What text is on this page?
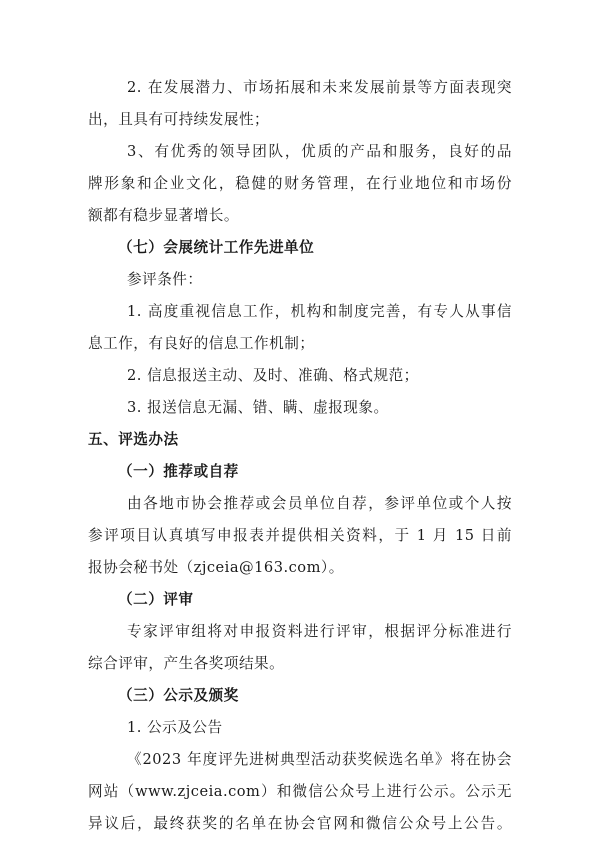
2. 在发展潜力、市场拓展和未来发展前景等方面表现突
出，且具有可持续发展性；
3、有优秀的领导团队，优质的产品和服务，良好的品
牌形象和企业文化，稳健的财务管理，在行业地位和市场份
额都有稳步显著增长。
（七）会展统计工作先进单位
参评条件：
1. 高度重视信息工作，机构和制度完善，有专人从事信
息工作，有良好的信息工作机制；
2. 信息报送主动、及时、准确、格式规范；
3. 报送信息无漏、错、瞒、虚报现象。
五、评选办法
（一）推荐或自荐
由各地市协会推荐或会员单位自荐，参评单位或个人按
参评项目认真填写申报表并提供相关资料，于 1 月 15 日前
报协会秘书处（zjceia@163.com）。
（二）评审
专家评审组将对申报资料进行评审，根据评分标准进行
综合评审，产生各奖项结果。
（三）公示及颁奖
1. 公示及公告
《2023 年度评先进树典型活动获奖候选名单》将在协会
网站（www.zjceia.com）和微信公众号上进行公示。公示无
异议后，最终获奖的名单在协会官网和微信公众号上公告。
